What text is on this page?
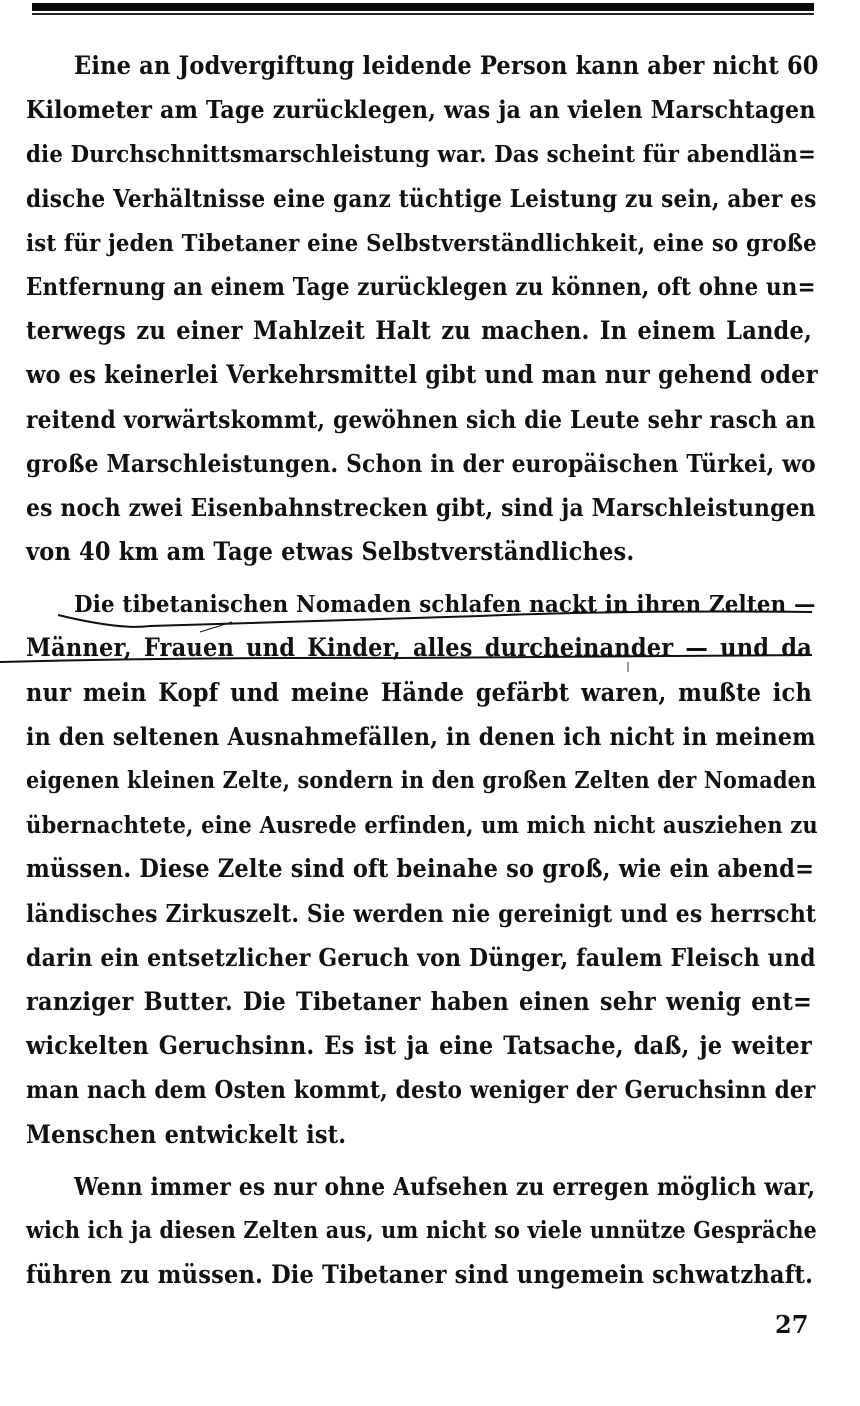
Eine an Jodvergiftung leidende Person kann aber nicht 60
Kilometer am Tage zurücklegen, was ja an vielen Marschtagen
die Durchschnittsmarschleistung war. Das scheint für abendlän=
dische Verhältnisse eine ganz tüchtige Leistung zu sein, aber es
ist für jeden Tibetaner eine Selbstverständlichkeit, eine so große
Entfernung an einem Tage zurücklegen zu können, oft ohne un=
terwegs zu einer Mahlzeit Halt zu machen. In einem Lande,
wo es keinerlei Verkehrsmittel gibt und man nur gehend oder
reitend vorwärtskommt, gewöhnen sich die Leute sehr rasch an
große Marschleistungen. Schon in der europäischen Türkei, wo
es noch zwei Eisenbahnstrecken gibt, sind ja Marschleistungen
von 40 km am Tage etwas Selbstverständliches.
Die tibetanischen Nomaden schlafen nackt in ihren Zelten —
Männer, Frauen und Kinder, alles durcheinander — und da
nur mein Kopf und meine Hände gefärbt waren, mußte ich
in den seltenen Ausnahmefällen, in denen ich nicht in meinem
eigenen kleinen Zelte, sondern in den großen Zelten der Nomaden
übernachtete, eine Ausrede erfinden, um mich nicht ausziehen zu
müssen. Diese Zelte sind oft beinahe so groß, wie ein abend=
ländisches Zirkuszelt. Sie werden nie gereinigt und es herrscht
darin ein entsetzlicher Geruch von Dünger, faulem Fleisch und
ranziger Butter. Die Tibetaner haben einen sehr wenig ent=
wickelten Geruchsinn. Es ist ja eine Tatsache, daß, je weiter
man nach dem Osten kommt, desto weniger der Geruchsinn der
Menschen entwickelt ist.
Wenn immer es nur ohne Aufsehen zu erregen möglich war,
wich ich ja diesen Zelten aus, um nicht so viele unnütze Gespräche
führen zu müssen. Die Tibetaner sind ungemein schwatzhaft.
27
